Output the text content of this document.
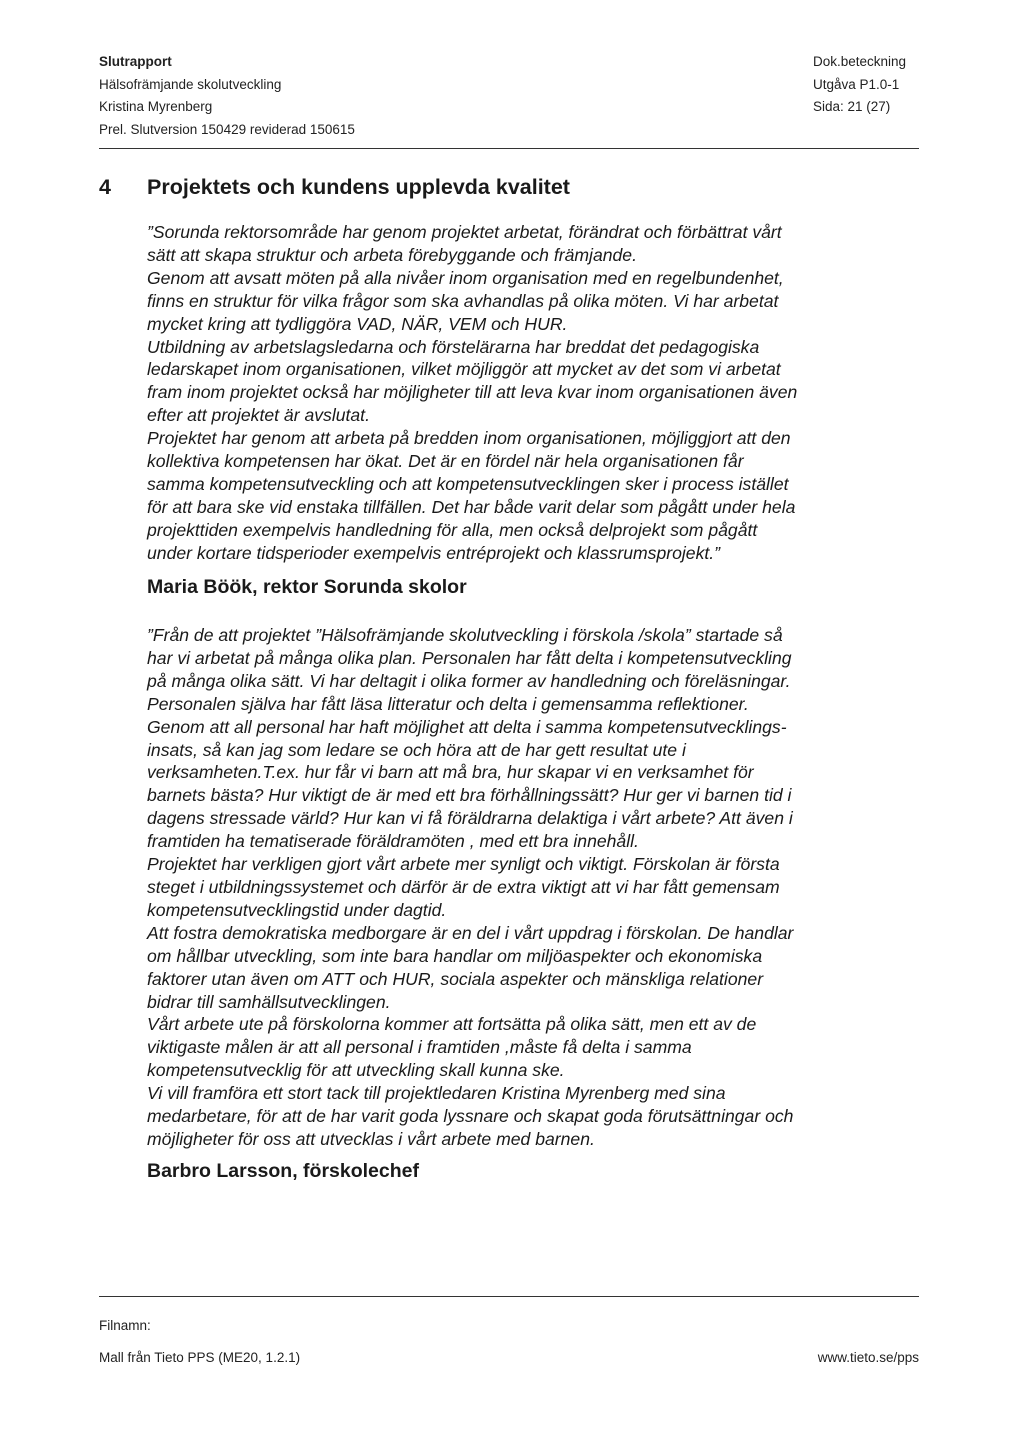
Slutrapport
Hälsofrämjande skolutveckling
Kristina Myrenberg
Prel. Slutversion 150429 reviderad 150615
Dok.beteckning
Utgåva P1.0-1
Sida: 21 (27)
4 Projektets och kundens upplevda kvalitet
”Sorunda rektorsområde har genom projektet arbetat, förändrat och förbättrat vårt
sätt att skapa struktur och arbeta förebyggande och främjande.
Genom att avsatt möten på alla nivåer inom organisation med en regelbundenhet,
finns en struktur för vilka frågor som ska avhandlas på olika möten. Vi har arbetat
mycket kring att tydliggöra VAD, NÄR, VEM och HUR.
Utbildning av arbetslagsledarna och förstelärarna har breddat det pedagogiska
ledarskapet inom organisationen, vilket möjliggör att mycket av det som vi arbetat
fram inom projektet också har möjligheter till att leva kvar inom organisationen även
efter att projektet är avslutat.
Projektet har genom att arbeta på bredden inom organisationen, möjliggjort att den
kollektiva kompetensen har ökat. Det är en fördel när hela organisationen får
samma kompetensutveckling och att kompetensutvecklingen sker i process istället
för att bara ske vid enstaka tillfällen. Det har både varit delar som pågått under hela
projekttiden exempelvis handledning för alla, men också delprojekt som pågått
under kortare tidsperioder exempelvis entréprojekt och klassrumsprojekt.”
Maria Böök, rektor Sorunda skolor
”Från de att projektet ”Hälsofrämjande skolutveckling i förskola /skola” startade så
har vi arbetat på många olika plan. Personalen har fått delta i kompetensutveckling
på många olika sätt. Vi har deltagit i olika former av handledning och föreläsningar.
Personalen själva har fått läsa litteratur och delta i gemensamma reflektioner.
Genom att all personal har haft möjlighet att delta i samma kompetensutvecklings-
insats, så kan jag som ledare se och höra att de har gett resultat ute i
verksamheten.T.ex. hur får vi barn att må bra, hur skapar vi en verksamhet för
barnets bästa? Hur viktigt de är med ett bra förhållningssätt? Hur ger vi barnen tid i
dagens stressade värld? Hur kan vi få föräldrarna delaktiga i vårt arbete? Att även i
framtiden ha tematiserade föräldramöten , med ett bra innehåll.
Projektet har verkligen gjort vårt arbete mer synligt och viktigt. Förskolan är första
steget i utbildningssystemet och därför är de extra viktigt att vi har fått gemensam
kompetensutvecklingstid under dagtid.
Att fostra demokratiska medborgare är en del i vårt uppdrag i förskolan. De handlar
om hållbar utveckling, som inte bara handlar om miljöaspekter och ekonomiska
faktorer utan även om ATT och HUR, sociala aspekter och mänskliga relationer
bidrar till samhällsutvecklingen.
Vårt arbete ute på förskolorna kommer att fortsätta på olika sätt, men ett av de
viktigaste målen är att all personal i framtiden ,måste få delta i samma
kompetensutvecklig för att utveckling skall kunna ske.
Vi vill framföra ett stort tack till projektledaren Kristina Myrenberg med sina
medarbetare, för att de har varit goda lyssnare och skapat goda förutsättningar och
möjligheter för oss att utvecklas i vårt arbete med barnen.
Barbro Larsson, förskolechef
Filnamn:
Mall från Tieto PPS (ME20, 1.2.1)	www.tieto.se/pps
